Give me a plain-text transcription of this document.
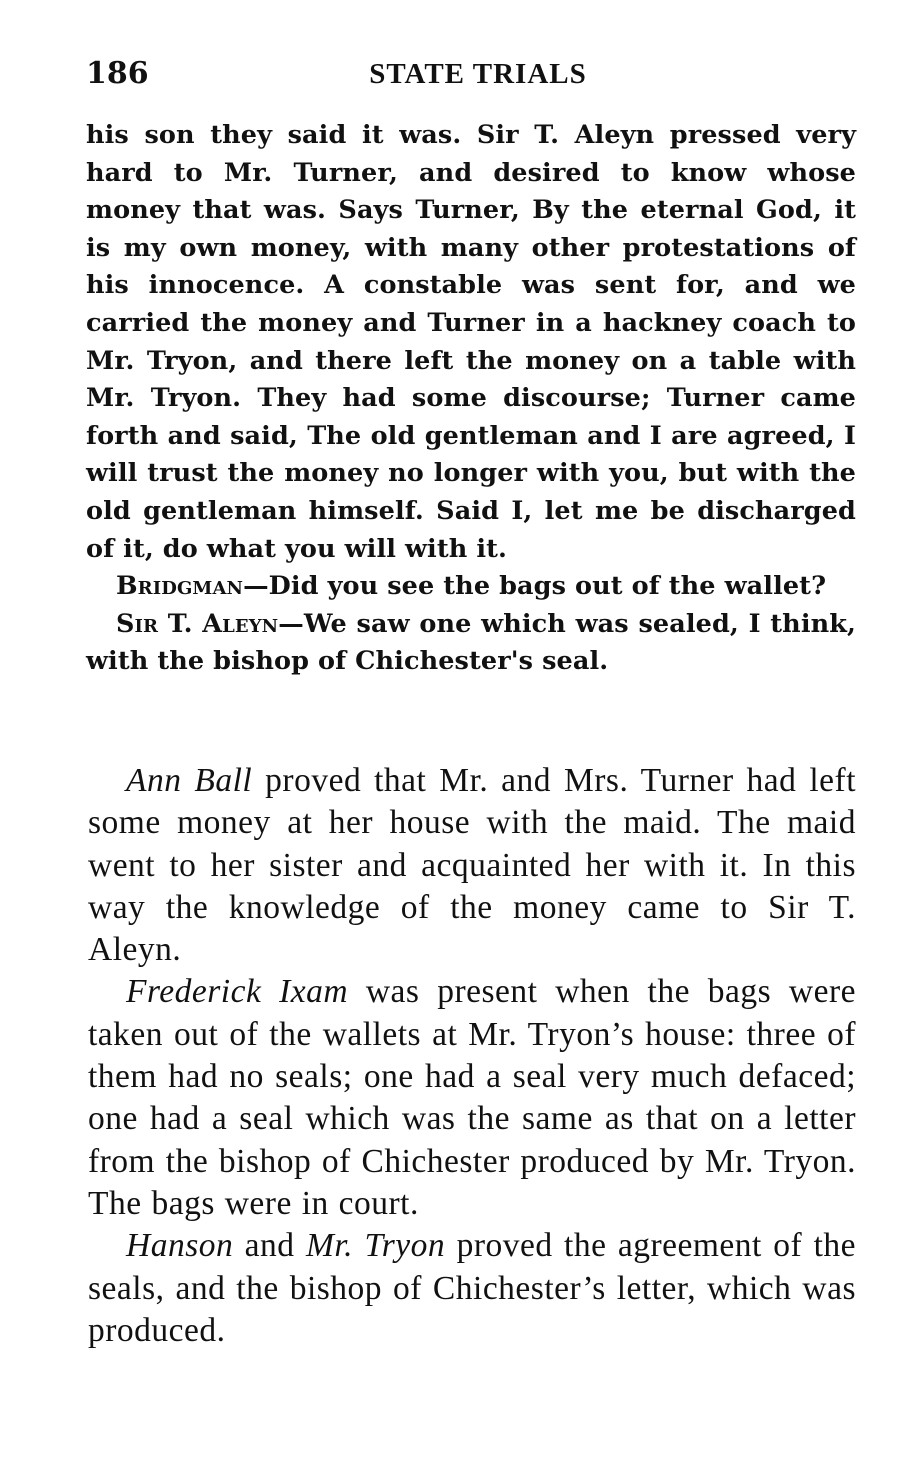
186	STATE TRIALS

his son they said it was. Sir T. Aleyn pressed very hard to Mr. Turner, and desired to know whose money that was. Says Turner, By the eternal God, it is my own money, with many other protestations of his innocence. A constable was sent for, and we carried the money and Turner in a hackney coach to Mr. Tryon, and there left the money on a table with Mr. Tryon. They had some discourse; Turner came forth and said, The old gentleman and I are agreed, I will trust the money no longer with you, but with the old gentleman himself. Said I, let me be discharged of it, do what you will with it.

Bridgman—Did you see the bags out of the wallet?

Sir T. Aleyn—We saw one which was sealed, I think, with the bishop of Chichester's seal.

Ann Ball proved that Mr. and Mrs. Turner had left some money at her house with the maid. The maid went to her sister and acquainted her with it. In this way the knowledge of the money came to Sir T. Aleyn.

Frederick Ixam was present when the bags were taken out of the wallets at Mr. Tryon’s house: three of them had no seals; one had a seal very much defaced; one had a seal which was the same as that on a letter from the bishop of Chichester produced by Mr. Tryon. The bags were in court.

Hanson and Mr. Tryon proved the agreement of the seals, and the bishop of Chichester’s letter, which was produced.
